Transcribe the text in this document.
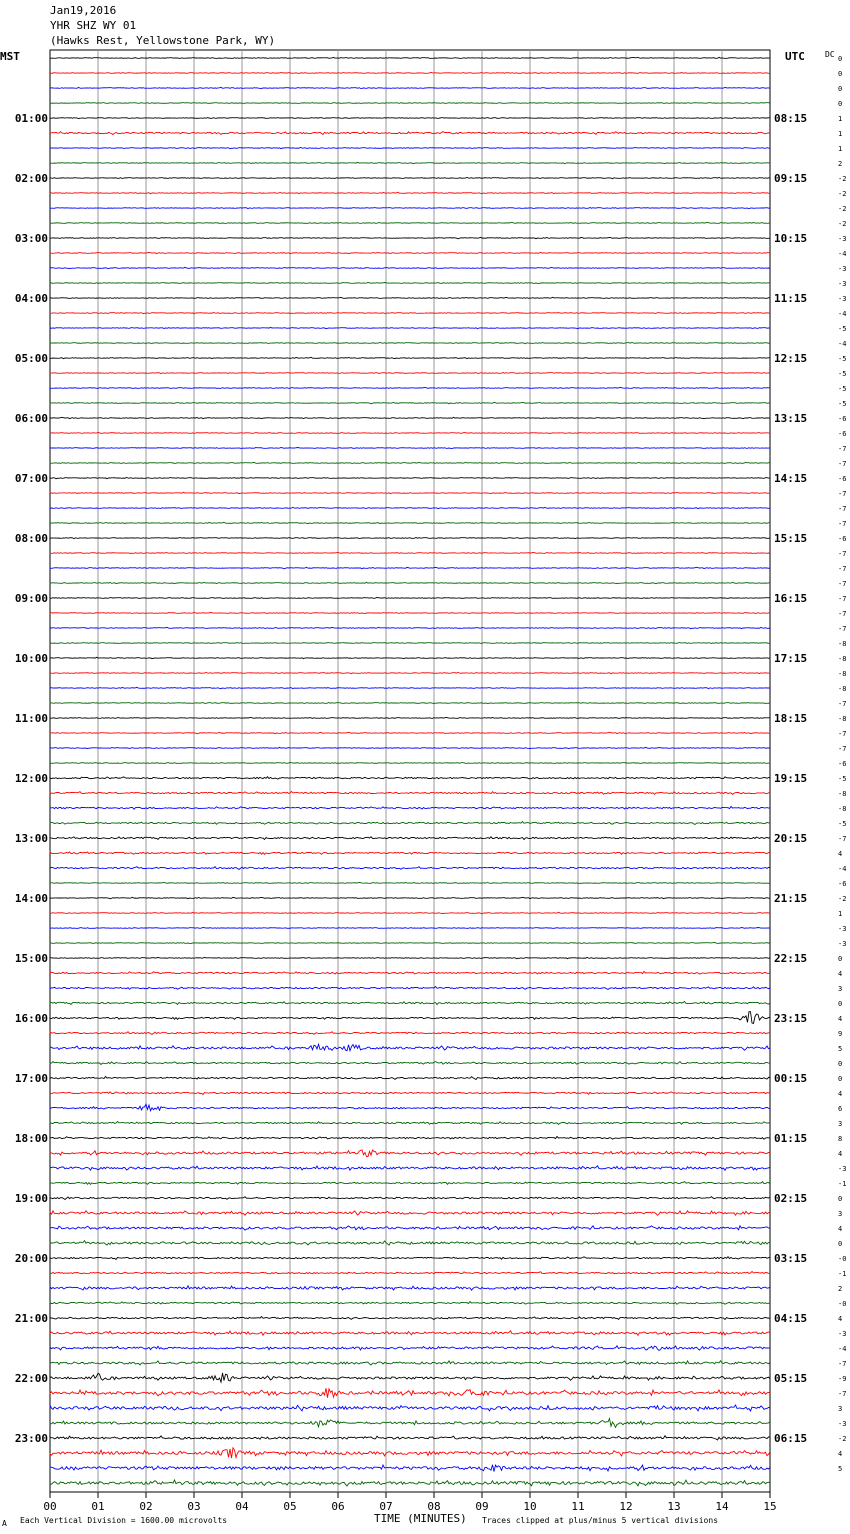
Jan19,2016
YHR SHZ WY 01
(Hawks Rest, Yellowstone Park, WY)
MST	UTC	DC 0
0
0
0
1
1
1
2
-2
-2
-2
-2
-3
-4
-3
-3
-3
-4
-5
-4
-5
-5
-5
-5
-6
-6
-7
-7
-6
-7
-7
-7
-6
-7
-7
-7
-7
-7
-7
-8
-8
-8
-8
-7
-8
-7
-7
-6
-5
-8
-8
-5
-7
4
-4
-6
-2
1
-3
-3
0
4
3
0
4
9
5
0
0
4
6
3
8
4
-3
-1
0
3
4
0
-0
-1
2
-0
4
-3
-4
-7
-9
-7
3
-3
-2
4
5
01:00
02:00
03:00
04:00
05:00
06:00
07:00
08:00
09:00
10:00
11:00
12:00
13:00
14:00
15:00
16:00
17:00
18:00
19:00
20:00
21:00
22:00
23:00
08:15
09:15
10:15
11:15
12:15
13:15
14:15
15:15
16:15
17:15
18:15
19:15
20:15
21:15
22:15
23:15
00:15
01:15
02:15
03:15
04:15
05:15
06:15
00	01	02	03	04	05	06	07	08	09	10	11	12	13	14	15
A Each Vertical Division = 1600.00 microvolts	TIME (MINUTES) Traces clipped at plus/minus 5 vertical divisions
